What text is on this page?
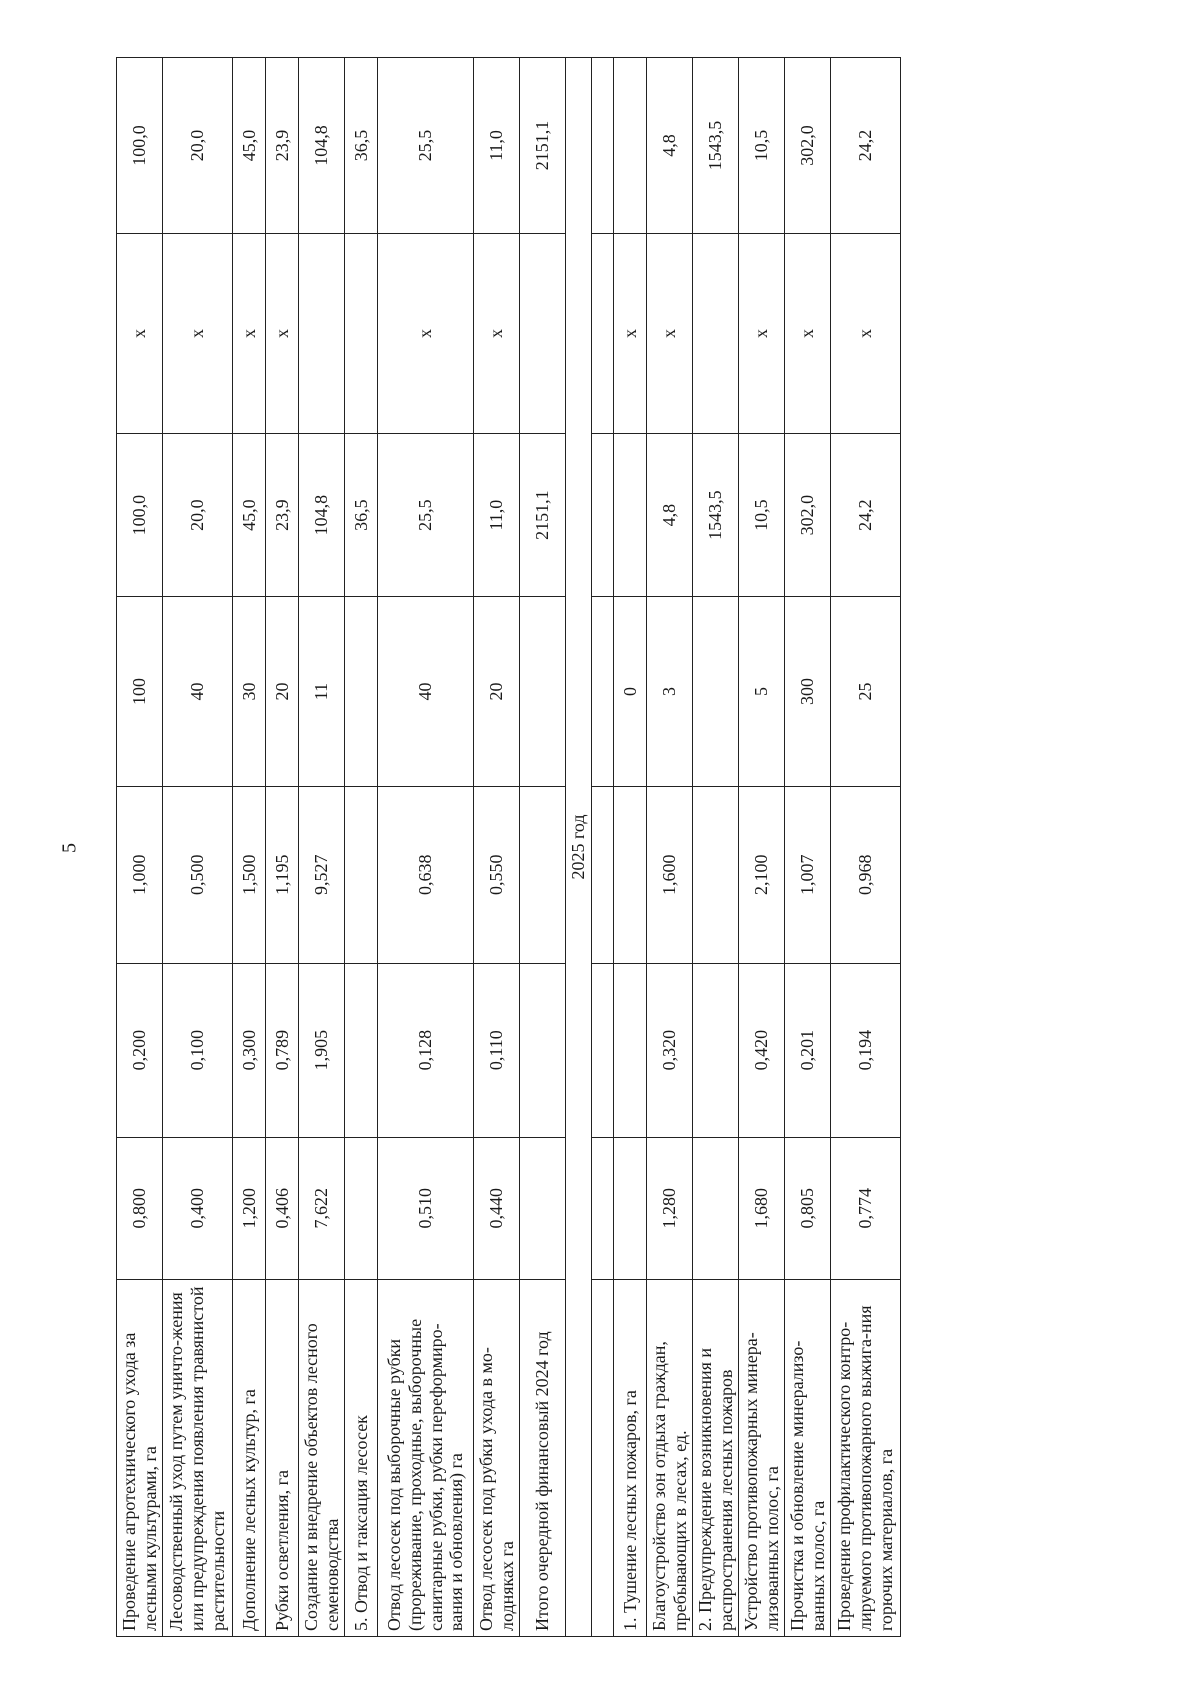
5
Проведение агротехнического ухода за лесными культурами, га	0,800	0,200	1,000	100	100,0	х	100,0
Лесоводственный уход путем уничто-жения или предупреждения появления травянистой растительности	0,400	0,100	0,500	40	20,0	х	20,0
Дополнение лесных культур, га	1,200	0,300	1,500	30	45,0	х	45,0
Рубки осветления, га	0,406	0,789	1,195	20	23,9	х	23,9
Создание и внедрение объектов лесного семеноводства	7,622	1,905	9,527	11	104,8		104,8
5. Отвод и таксация лесосек					36,5		36,5
Отвод лесосек под выборочные рубки (прореживание, проходные, выборочные санитарные рубки, рубки переформиро-вания и обновления) га	0,510	0,128	0,638	40	25,5	х	25,5
Отвод лесосек под рубки ухода в мо-лодняках га	0,440	0,110	0,550	20	11,0	х	11,0
Итого очередной финансовый 2024 год					2151,1		2151,1
2025 год							

1. Тушение лесных пожаров, га				0		х	
Благоустройство зон отдыха граждан, пребывающих в лесах, ед.	1,280	0,320	1,600	3	4,8	х	4,8
2. Предупреждение возникновения и распространения лесных пожаров					1543,5		1543,5
Устройство противопожарных минера-лизованных полос, га	1,680	0,420	2,100	5	10,5	х	10,5
Прочистка и обновление минерализо-ванных полос, га	0,805	0,201	1,007	300	302,0	х	302,0
Проведение профилактического контро-лируемого противопожарного выжига-ния горючих материалов, га	0,774	0,194	0,968	25	24,2	х	24,2
